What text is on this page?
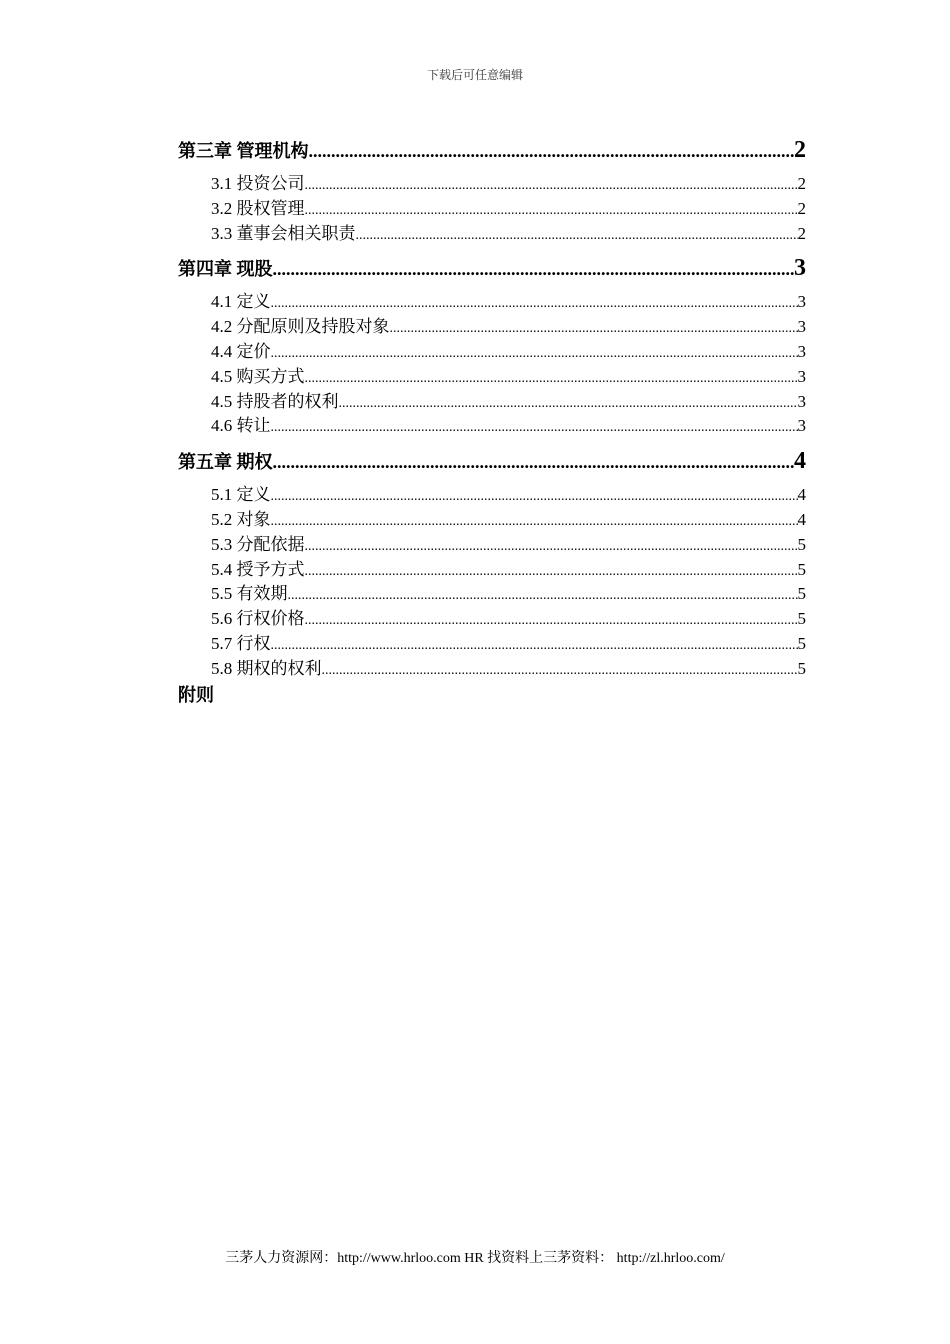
下载后可任意编辑
第三章 管理机构 .....	2
3.1 投资公司 .....	2
3.2 股权管理 .....	2
3.3 董事会相关职责 .....	2
第四章 现股 .....	3
4.1 定义 .....	3
4.2 分配原则及持股对象 .....	3
4.4 定价 .....	3
4.5 购买方式 .....	3
4.5 持股者的权利 .....	3
4.6 转让 .....	3
第五章 期权 .....	4
5.1 定义 .....	4
5.2 对象 .....	4
5.3 分配依据 .....	5
5.4 授予方式 .....	5
5.5 有效期 .....	5
5.6 行权价格 .....	5
5.7 行权 .....	5
5.8 期权的权利 .....	5
附则
三茅人力资源网：http://www.hrloo.com HR 找资料上三茅资料： http://zl.hrloo.com/
